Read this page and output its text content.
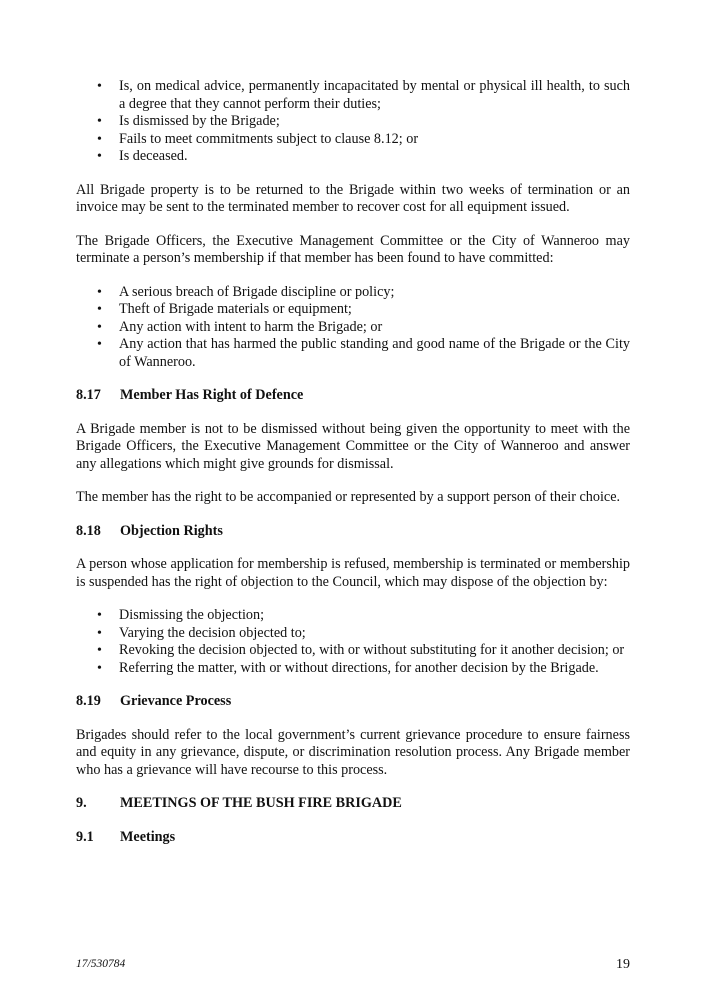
• Is, on medical advice, permanently incapacitated by mental or physical ill health, to such a degree that they cannot perform their duties;
• Is dismissed by the Brigade;
• Fails to meet commitments subject to clause 8.12; or
• Is deceased.

All Brigade property is to be returned to the Brigade within two weeks of termination or an invoice may be sent to the terminated member to recover cost for all equipment issued.

The Brigade Officers, the Executive Management Committee or the City of Wanneroo may terminate a person’s membership if that member has been found to have committed:

• A serious breach of Brigade discipline or policy;
• Theft of Brigade materials or equipment;
• Any action with intent to harm the Brigade; or
• Any action that has harmed the public standing and good name of the Brigade or the City of Wanneroo.
8.17 Member Has Right of Defence

A Brigade member is not to be dismissed without being given the opportunity to meet with the Brigade Officers, the Executive Management Committee or the City of Wanneroo and answer any allegations which might give grounds for dismissal.

The member has the right to be accompanied or represented by a support person of their choice.

8.18 Objection Rights

A person whose application for membership is refused, membership is terminated or membership is suspended has the right of objection to the Council, which may dispose of the objection by:

• Dismissing the objection;
• Varying the decision objected to;
• Revoking the decision objected to, with or without substituting for it another decision; or
• Referring the matter, with or without directions, for another decision by the Brigade.
8.19 Grievance Process

Brigades should refer to the local government’s current grievance procedure to ensure fairness and equity in any grievance, dispute, or discrimination resolution process. Any Brigade member who has a grievance will have recourse to this process.

9. MEETINGS OF THE BUSH FIRE BRIGADE
9.1 Meetings
17/530784	19
